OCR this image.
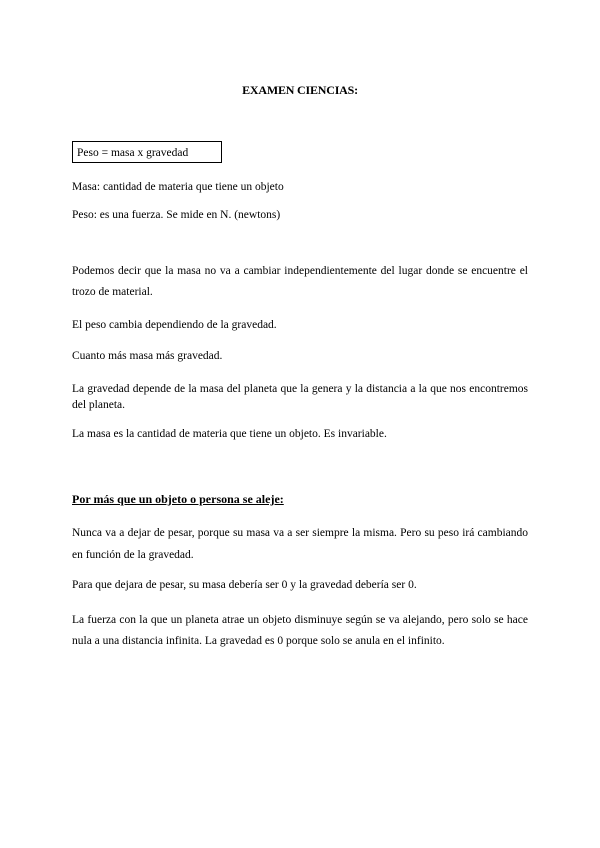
EXAMEN CIENCIAS:
Peso = masa x gravedad
Masa: cantidad de materia que tiene un objeto
Peso: es una fuerza. Se mide en N. (newtons)
Podemos decir que la masa no va a cambiar independientemente del lugar donde se encuentre el trozo de material.
El peso cambia dependiendo de la gravedad.
Cuanto más masa más gravedad.
La gravedad depende de la masa del planeta que la genera y la distancia a la que nos encontremos del planeta.
La masa es la cantidad de materia que tiene un objeto. Es invariable.
Por más que un objeto o persona se aleje:
Nunca va a dejar de pesar, porque su masa va a ser siempre la misma. Pero su peso irá cambiando en función de la gravedad.
Para que dejara de pesar, su masa debería ser 0 y la gravedad debería ser 0.
La fuerza con la que un planeta atrae un objeto disminuye según se va alejando, pero solo se hace nula a una distancia infinita. La gravedad es 0 porque solo se anula en el infinito.
